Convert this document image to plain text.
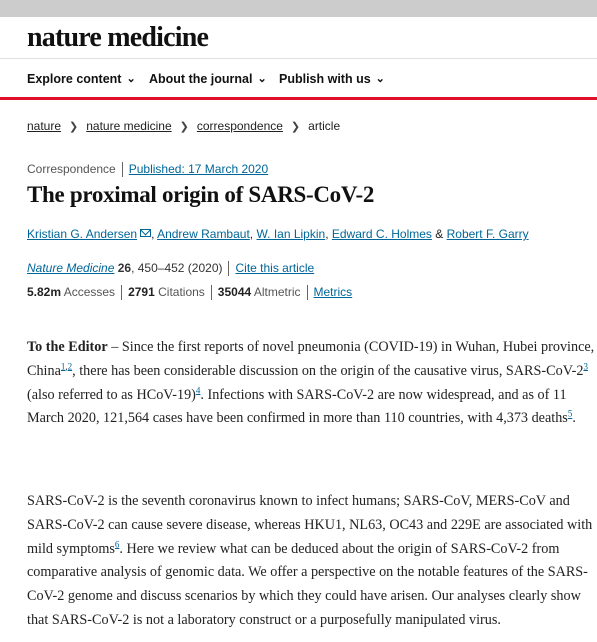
nature medicine
Explore content ⌄ About the journal ⌄ Publish with us ⌄
nature ❯ nature medicine ❯ correspondence ❯ article
Correspondence Published: 17 March 2020
The proximal origin of SARS-CoV-2
Kristian G. Andersen , Andrew Rambaut, W. Ian Lipkin, Edward C. Holmes & Robert F. Garry
Nature Medicine 26, 450–452 (2020) Cite this article
5.82m Accesses 2791 Citations 35044 Altmetric Metrics

To the Editor – Since the first reports of novel pneumonia (COVID-19) in Wuhan, Hubei province, China$^{1,2}$, there has been considerable discussion on the origin of the causative virus, SARS-$CoV-2^3$ (also referred to as HCoV-19)$^4$. Infections with SARS-CoV-2 are now widespread, and as of 11 March 2020, 121,564 cases have been confirmed in more than 110 countries, with 4,373 deaths$^5$.

SARS-CoV-2 is the seventh coronavirus known to infect humans; SARS-CoV, MERS-CoV and SARS-CoV-2 can cause severe disease, whereas HKU1, NL63, OC43 and 229E are associated with mild symptoms$^6$. Here we review what can be deduced about the origin of SARS-CoV-2 from comparative analysis of genomic data. We offer a perspective on the notable features of the SARS-CoV-2 genome and discuss scenarios by which they could have arisen. Our analyses clearly show that SARS-CoV-2 is not a laboratory construct or a purposefully manipulated virus.
